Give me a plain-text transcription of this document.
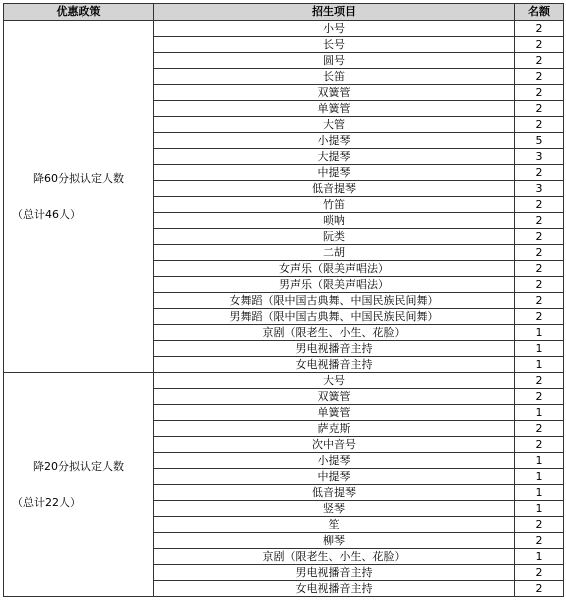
优惠政策	招生项目	名额

降60分拟认定人数
（总计46人）	小号	2
	长号	2
	圆号	2
	长笛	2
	双簧管	2
	单簧管	2
	大管	2
	小提琴	5
	大提琴	3
	中提琴	2
	低音提琴	3
	竹笛	2
	唢呐	2
	阮类	2
	二胡	2
	女声乐（限美声唱法）	2
	男声乐（限美声唱法）	2
	女舞蹈（限中国古典舞、中国民族民间舞）	2
	男舞蹈（限中国古典舞、中国民族民间舞）	2
	京剧（限老生、小生、花脸）	1
	男电视播音主持	1
	女电视播音主持	1

降20分拟认定人数
（总计22人）	大号	2
	双簧管	2
	单簧管	1
	萨克斯	2
	次中音号	2
	小提琴	1
	中提琴	1
	低音提琴	1
	竖琴	1
	笙	2
	柳琴	2
	京剧（限老生、小生、花脸）	1
	男电视播音主持	2
	女电视播音主持	2
